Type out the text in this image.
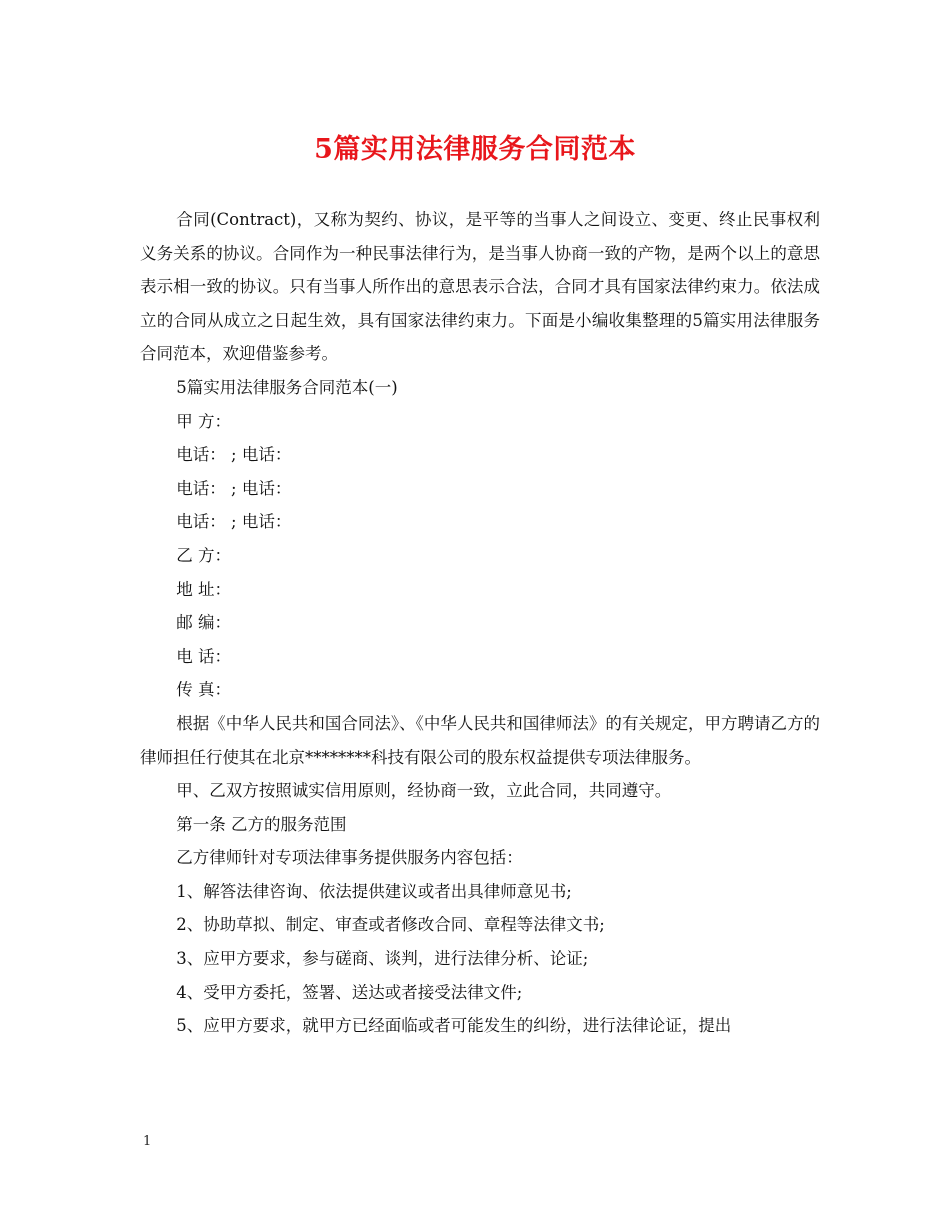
5篇实用法律服务合同范本

合同(Contract)，又称为契约、协议，是平等的当事人之间设立、变更、终止民事权利义务关系的协议。合同作为一种民事法律行为，是当事人协商一致的产物，是两个以上的意思表示相一致的协议。只有当事人所作出的意思表示合法，合同才具有国家法律约束力。依法成立的合同从成立之日起生效，具有国家法律约束力。下面是小编收集整理的5篇实用法律服务合同范本，欢迎借鉴参考。

5篇实用法律服务合同范本(一)

甲 方：

电话： ; 电话：

电话： ; 电话：

电话： ; 电话：

乙 方：

地 址：

邮 编：

电 话：

传 真：

根据《中华人民共和国合同法》、《中华人民共和国律师法》的有关规定，甲方聘请乙方的律师担任行使其在北京********科技有限公司的股东权益提供专项法律服务。

甲、乙双方按照诚实信用原则，经协商一致，立此合同，共同遵守。

第一条 乙方的服务范围

乙方律师针对专项法律事务提供服务内容包括：

1、解答法律咨询、依法提供建议或者出具律师意见书;

2、协助草拟、制定、审查或者修改合同、章程等法律文书;

3、应甲方要求，参与磋商、谈判，进行法律分析、论证;

4、受甲方委托，签署、送达或者接受法律文件;

5、应甲方要求，就甲方已经面临或者可能发生的纠纷，进行法律论证，提出

1
